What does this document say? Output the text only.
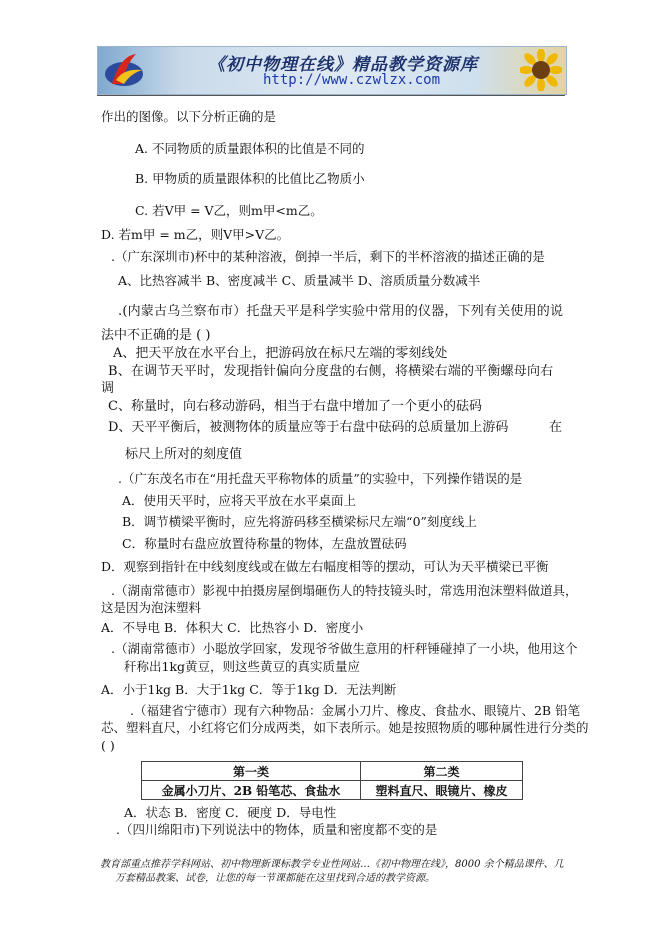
《初中物理在线》精品教学资源库
http://www.czwlzx.com
作出的图像。以下分析正确的是
A. 不同物质的质量跟体积的比值是不同的
B. 甲物质的质量跟体积的比值比乙物质小
C. 若V甲 = V乙，则m甲<m乙。
D. 若m甲 = m乙，则V甲>V乙。
.（广东深圳市)杯中的某种溶液，倒掉一半后，剩下的半杯溶液的描述正确的是
A、比热容减半 B、密度减半 C、质量减半 D、溶质质量分数减半
.(内蒙古乌兰察布市）托盘天平是科学实验中常用的仪器，下列有关使用的说
法中不正确的是 ( )
A、把天平放在水平台上，把游码放在标尺左端的零刻线处
B、在调节天平时，发现指针偏向分度盘的右侧，将横梁右端的平衡螺母向右
调
C、称量时，向右移动游码，相当于右盘中增加了一个更小的砝码
D、天平平衡后，被测物体的质量应等于右盘中砝码的总质量加上游码	在
标尺上所对的刻度值
.（广东茂名市在“用托盘天平称物体的质量”的实验中，下列操作错误的是
A．使用天平时，应将天平放在水平桌面上
B．调节横梁平衡时，应先将游码移至横梁标尺左端“0”刻度线上
C．称量时右盘应放置待称量的物体，左盘放置砝码
D．观察到指针在中线刻度线或在做左右幅度相等的摆动，可认为天平横梁已平衡
.（湖南常德市）影视中拍摄房屋倒塌砸伤人的特技镜头时，常选用泡沫塑料做道具，
这是因为泡沫塑料
A．不导电 B．体积大 C．比热容小 D．密度小
.（湖南常德市）小聪放学回家，发现爷爷做生意用的杆秤锤碰掉了一小块，他用这个
秆称出1kg黄豆，则这些黄豆的真实质量应
A．小于1kg B．大于1kg C．等于1kg D．无法判断
.（福建省宁德市）现有六种物品：金属小刀片、橡皮、食盐水、眼镜片、2B 铅笔
芯、塑料直尺，小红将它们分成两类，如下表所示。她是按照物质的哪种属性进行分类的
( )
第一类	第二类
金属小刀片、2B 铅笔芯、食盐水	塑料直尺、眼镜片、橡皮
A．状态 B．密度 C．硬度 D．导电性
.（四川绵阳市)下列说法中的物体，质量和密度都不变的是
教育部重点推荐学科网站、初中物理新课标教学专业性网站…《初中物理在线》，8000 余个精品课件、几
万套精品教案、试卷，让您的每一节课都能在这里找到合适的教学资源。
